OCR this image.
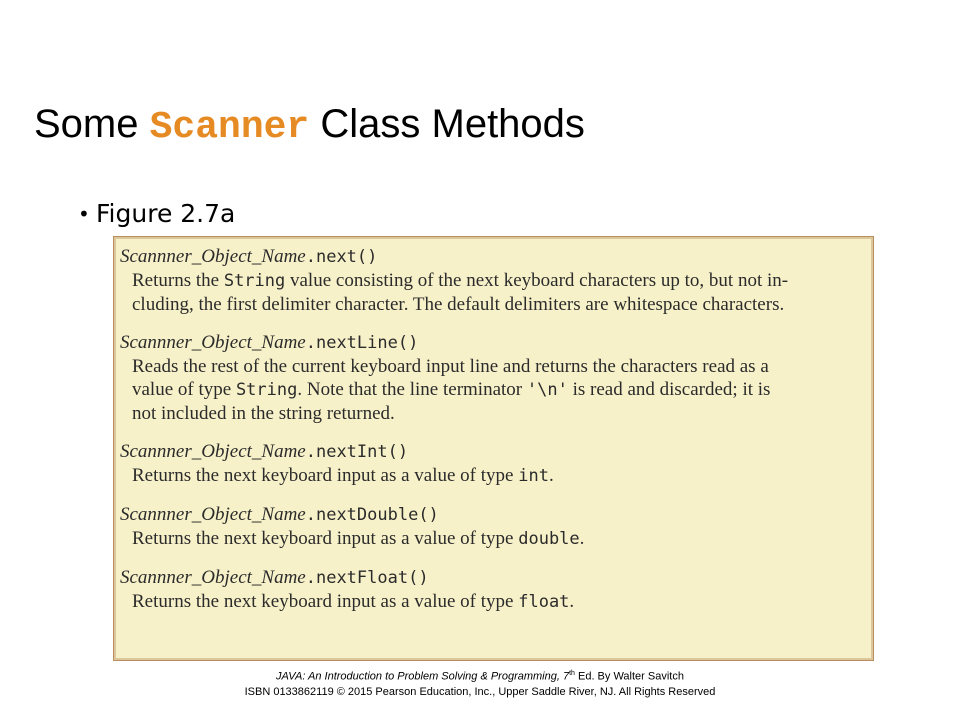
Some Scanner Class Methods
• Figure 2.7a
Scannner_Object_Name.next()
Returns the String value consisting of the next keyboard characters up to, but not in-
cluding, the first delimiter character. The default delimiters are whitespace characters.
Scannner_Object_Name.nextLine()
Reads the rest of the current keyboard input line and returns the characters read as a
value of type String. Note that the line terminator '\n' is read and discarded; it is
not included in the string returned.
Scannner_Object_Name.nextInt()
Returns the next keyboard input as a value of type int.
Scannner_Object_Name.nextDouble()
Returns the next keyboard input as a value of type double.
Scannner_Object_Name.nextFloat()
Returns the next keyboard input as a value of type float.
JAVA: An Introduction to Problem Solving & Programming, 7th Ed. By Walter Savitch
ISBN 0133862119 © 2015 Pearson Education, Inc., Upper Saddle River, NJ. All Rights Reserved
